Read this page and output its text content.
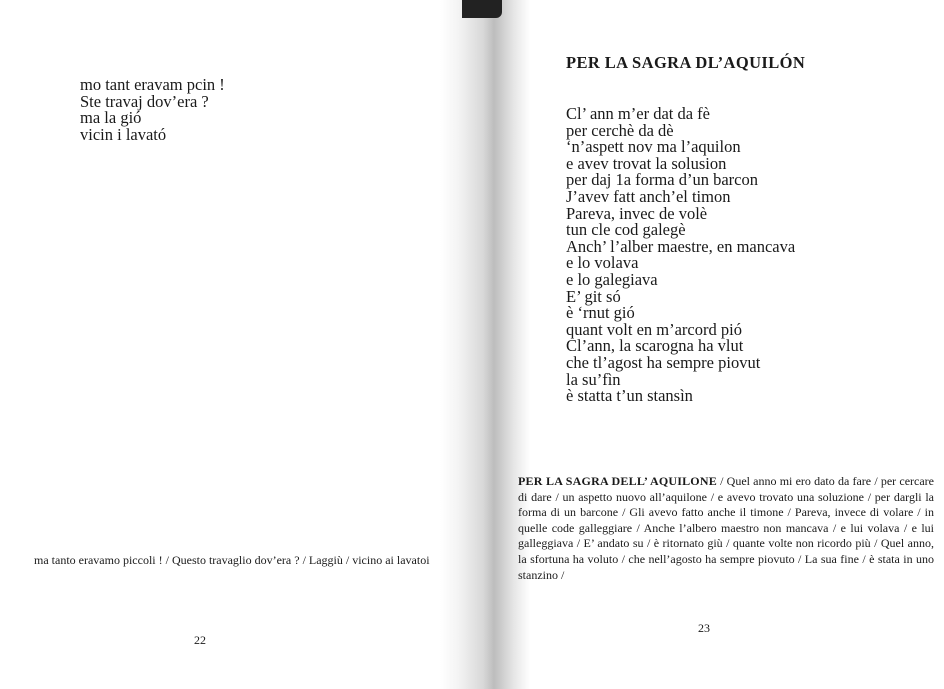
mo tant eravam pcin !
Ste travaj dov’era ?
ma la gió
vicin i lavató
ma tanto eravamo piccoli ! / Questo travaglio dov’era ? / Laggiù / vicino ai lavatoi
22
PER LA SAGRA DL’AQUILÓN
Cl’ ann m’er dat da fè
per cerchè da dè
‘n’aspett nov ma l’aquilon
e avev trovat la solusion
per daj 1a forma d’un barcon
J’avev fatt anch’el timon
Pareva, invec de volè
tun cle cod galegè
Anch’ l’alber maestre, en mancava
e lo volava
e lo galegiava
E’ git só
è ‘rnut gió
quant volt en m’arcord pió
Cl’ann, la scarogna ha vlut
che tl’agost ha sempre piovut
la su’fìn
è statta t’un stansìn
PER LA SAGRA DELL’ AQUILONE / Quel anno mi ero dato da fare / per cercare di dare / un aspetto nuovo all’aquilone / e avevo trovato una soluzione / per dargli la forma di un barcone / Gli avevo fatto anche il timone / Pareva, invece di volare / in quelle code galleggiare / Anche l’albero maestro non mancava / e lui volava / e lui galleggiava / E’ andato su / è ritornato giù / quante volte non ricordo più / Quel anno, la sfortuna ha voluto / che nell’agosto ha sempre piovuto / La sua fine / è stata in uno stanzino /
23
